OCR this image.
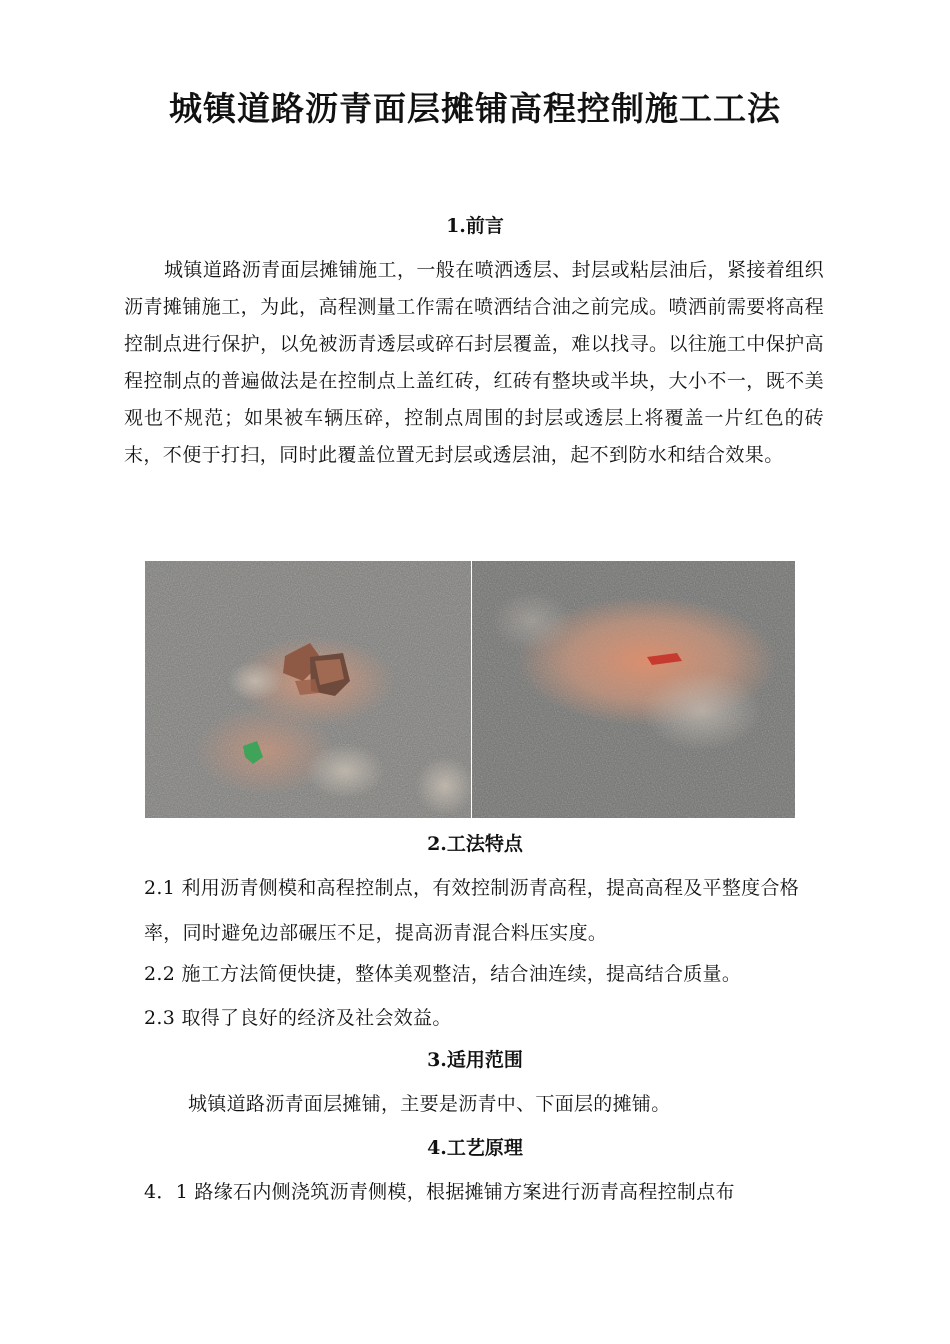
城镇道路沥青面层摊铺高程控制施工工法
1.前言
城镇道路沥青面层摊铺施工，一般在喷洒透层、封层或粘层油后，紧接着组织沥青摊铺施工，为此，高程测量工作需在喷洒结合油之前完成。喷洒前需要将高程控制点进行保护，以免被沥青透层或碎石封层覆盖，难以找寻。以往施工中保护高程控制点的普遍做法是在控制点上盖红砖，红砖有整块或半块，大小不一，既不美观也不规范；如果被车辆压碎，控制点周围的封层或透层上将覆盖一片红色的砖末，不便于打扫，同时此覆盖位置无封层或透层油，起不到防水和结合效果。
2.工法特点
2.1 利用沥青侧模和高程控制点，有效控制沥青高程，提高高程及平整度合格率，同时避免边部碾压不足，提高沥青混合料压实度。
2.2 施工方法简便快捷，整体美观整洁，结合油连续，提高结合质量。
2.3 取得了良好的经济及社会效益。
3.适用范围
城镇道路沥青面层摊铺，主要是沥青中、下面层的摊铺。
4.工艺原理
4．1 路缘石内侧浇筑沥青侧模，根据摊铺方案进行沥青高程控制点布
